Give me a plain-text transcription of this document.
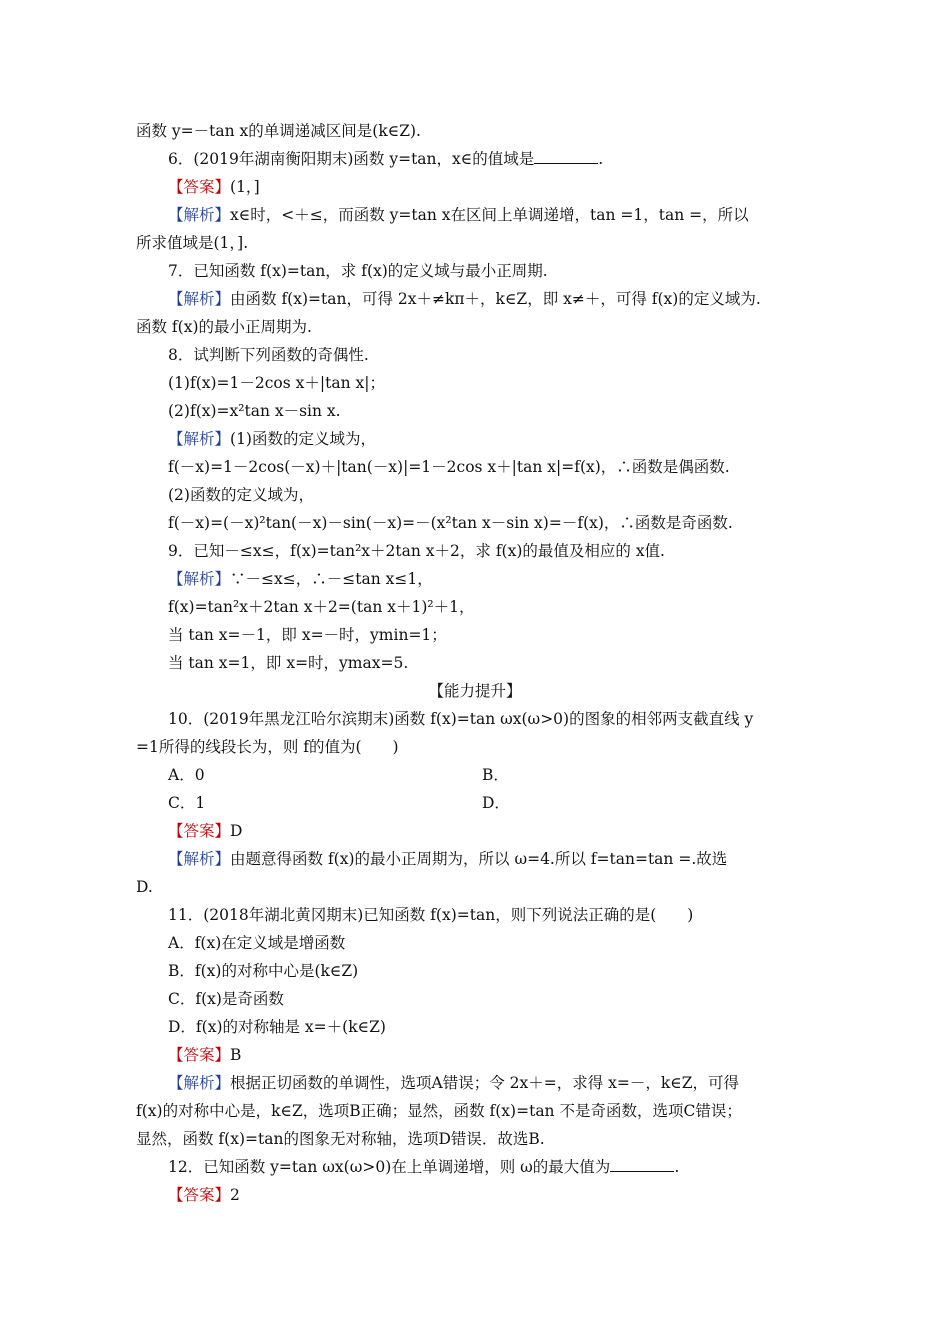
函数 y=－tan x的单调递减区间是(k∈Z).
6．(2019年湖南衡阳期末)函数 y=tan，x∈的值域是	.
【答案】(1，]
【解析】x∈时，<＋≤，而函数 y=tan x在区间上单调递增，tan =1，tan =，所以
所求值域是(1，].
7．已知函数 f(x)=tan，求 f(x)的定义域与最小正周期.
【解析】由函数 f(x)=tan，可得 2x＋≠kπ＋，k∈Z，即 x≠＋，可得 f(x)的定义域为.
函数 f(x)的最小正周期为.
8．试判断下列函数的奇偶性.
(1)f(x)=1－2cos x＋|tan x|；
(2)f(x)=x²tan x－sin x.
【解析】(1)函数的定义域为，
f(－x)=1－2cos(－x)＋|tan(－x)|=1－2cos x＋|tan x|=f(x)，∴函数是偶函数.
(2)函数的定义域为，
f(－x)=(－x)²tan(－x)－sin(－x)=－(x²tan x－sin x)=－f(x)，∴函数是奇函数.
9．已知－≤x≤，f(x)=tan²x＋2tan x＋2，求 f(x)的最值及相应的 x值.
【解析】∵－≤x≤，∴－≤tan x≤1，
f(x)=tan²x＋2tan x＋2=(tan x＋1)²＋1，
当 tan x=－1，即 x=－时，ymin=1；
当 tan x=1，即 x=时，ymax=5.
【能力提升】
10．(2019年黑龙江哈尔滨期末)函数 f(x)=tan ωx(ω>0)的图象的相邻两支截直线 y
=1所得的线段长为，则 f的值为(　　)
A．0	B．
C．1	D．
【答案】D
【解析】由题意得函数 f(x)的最小正周期为，所以 ω=4.所以 f=tan=tan =.故选
D.
11．(2018年湖北黄冈期末)已知函数 f(x)=tan，则下列说法正确的是(　　)
A．f(x)在定义域是增函数
B．f(x)的对称中心是(k∈Z)
C．f(x)是奇函数
D．f(x)的对称轴是 x=＋(k∈Z)
【答案】B
【解析】根据正切函数的单调性，选项A错误；令 2x＋=，求得 x=－，k∈Z，可得
f(x)的对称中心是，k∈Z，选项B正确；显然，函数 f(x)=tan 不是奇函数，选项C错误；
显然，函数 f(x)=tan的图象无对称轴，选项D错误．故选B.
12．已知函数 y=tan ωx(ω>0)在上单调递增，则 ω的最大值为	.
【答案】2
